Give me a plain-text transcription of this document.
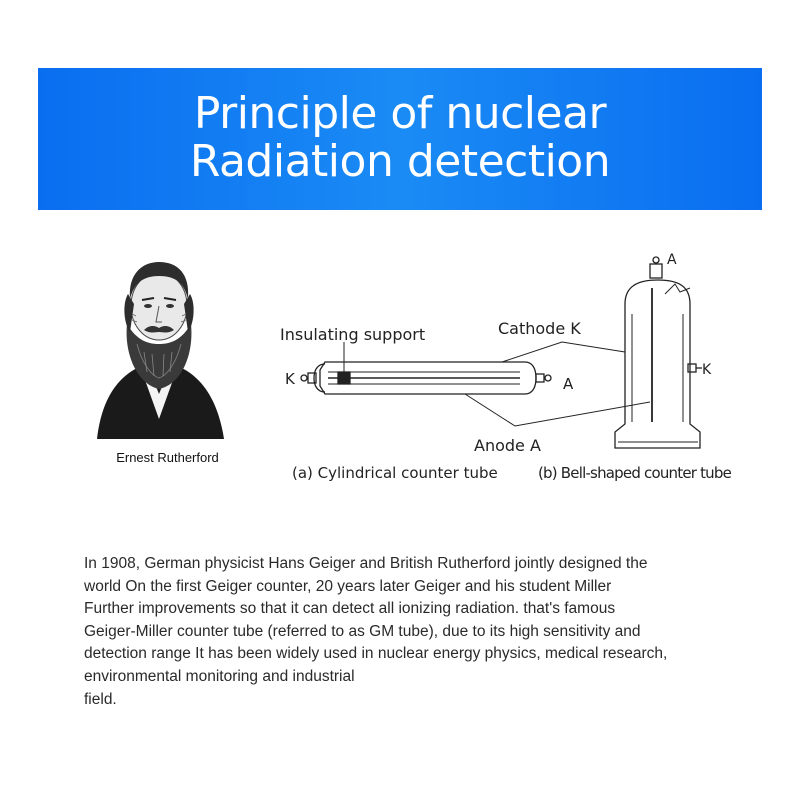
Principle of nuclear
Radiation detection
Ernest Rutherford
Insulating support	Cathode K
K	A
A
K
Anode A
(a) Cylindrical counter tube	(b) Bell-shaped counter tube
In 1908, German physicist Hans Geiger and British Rutherford jointly designed the
world On the first Geiger counter, 20 years later Geiger and his student Miller
Further improvements so that it can detect all ionizing radiation. that's famous
Geiger-Miller counter tube (referred to as GM tube), due to its high sensitivity and
detection range It has been widely used in nuclear energy physics, medical research,
environmental monitoring and industrial
field.
